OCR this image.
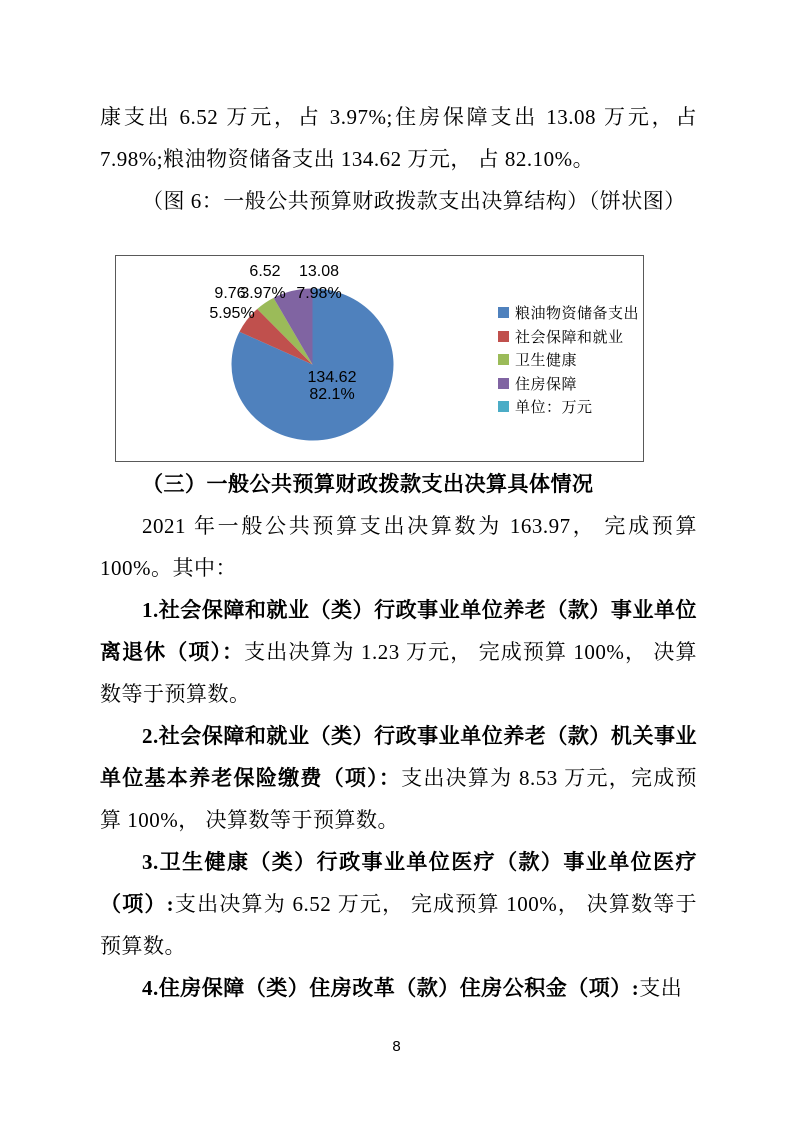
康支出 6.52 万元，占 3.97%;住房保障支出 13.08 万元，占 7.98%;粮油物资储备支出 134.62 万元， 占 82.10%。

（图 6：一般公共预算财政拨款支出决算结构）（饼状图）

6.52 13.08
9.76
3.97% 7.98%
5.95%
134.62
82.1%
粮油物资储备支出
社会保障和就业
卫生健康
住房保障
单位：万元

（三）一般公共预算财政拨款支出决算具体情况

2021 年一般公共预算支出决算数为 163.97， 完成预算 100%。其中：

1.社会保障和就业（类）行政事业单位养老（款）事业单位离退休（项）：支出决算为 1.23 万元， 完成预算 100%， 决算数等于预算数。

2.社会保障和就业（类）行政事业单位养老（款）机关事业单位基本养老保险缴费（项）：支出决算为 8.53 万元，完成预算 100%， 决算数等于预算数。

3.卫生健康（类）行政事业单位医疗（款）事业单位医疗（项）:支出决算为 6.52 万元， 完成预算 100%， 决算数等于预算数。

4.住房保障（类）住房改革（款）住房公积金（项）:支出

8
